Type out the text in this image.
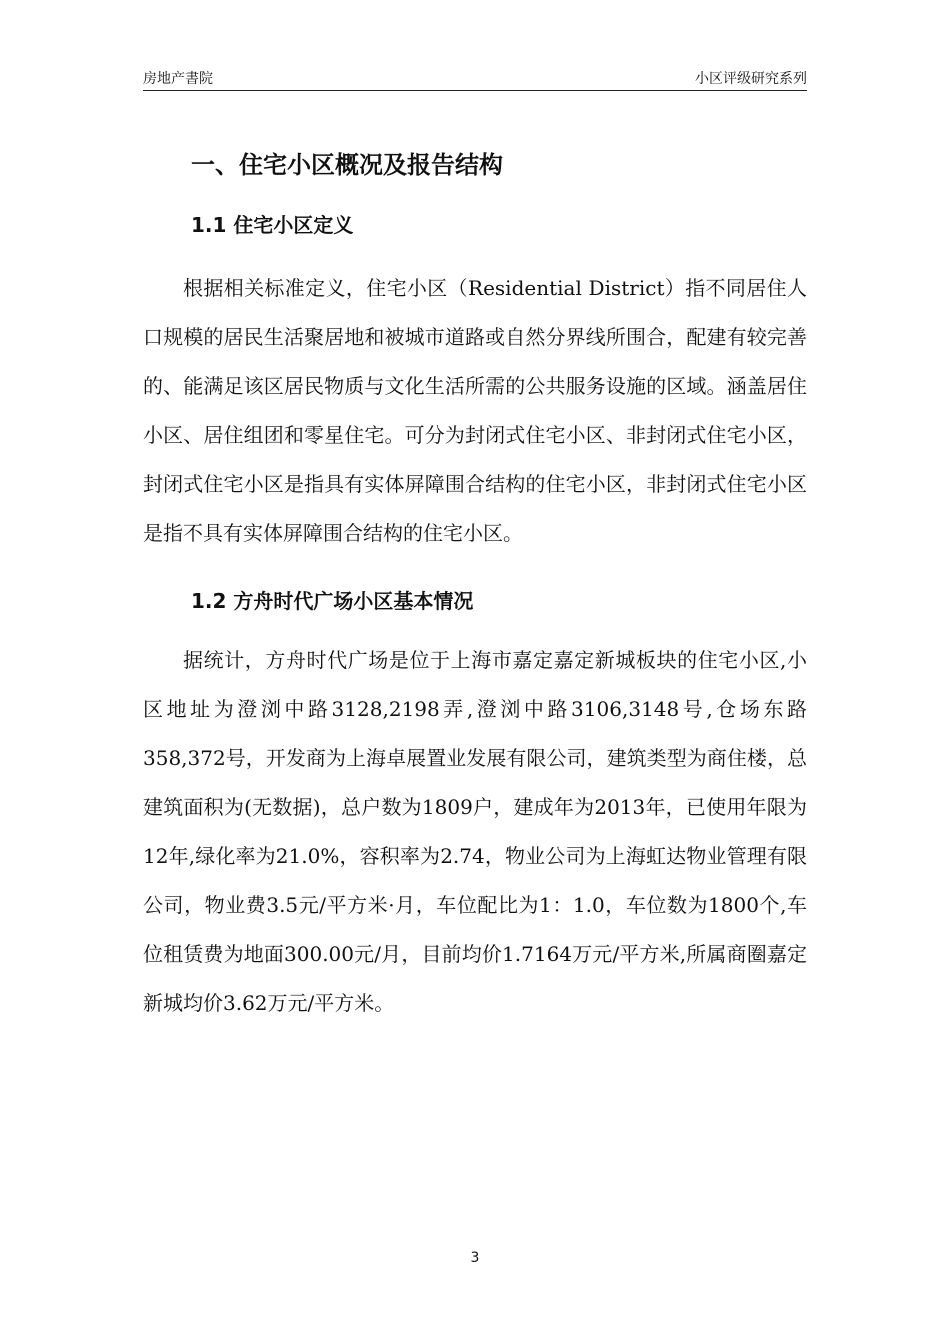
房地产書院	小区评级研究系列
一、住宅小区概况及报告结构
1.1 住宅小区定义

根据相关标准定义，住宅小区（Residential District）指不同居住人口规模的居民生活聚居地和被城市道路或自然分界线所围合，配建有较完善的、能满足该区居民物质与文化生活所需的公共服务设施的区域。涵盖居住小区、居住组团和零星住宅。可分为封闭式住宅小区、非封闭式住宅小区，封闭式住宅小区是指具有实体屏障围合结构的住宅小区，非封闭式住宅小区是指不具有实体屏障围合结构的住宅小区。

1.2 方舟时代广场小区基本情况

据统计，方舟时代广场是位于上海市嘉定嘉定新城板块的住宅小区,小区地址为澄浏中路3128,2198弄,澄浏中路3106,3148号,仓场东路358,372号，开发商为上海卓展置业发展有限公司，建筑类型为商住楼，总建筑面积为(无数据)，总户数为1809户，建成年为2013年，已使用年限为12年,绿化率为21.0%，容积率为2.74，物业公司为上海虹达物业管理有限公司，物业费3.5元/平方米·月，车位配比为1：1.0，车位数为1800个,车位租赁费为地面300.00元/月，目前均价1.7164万元/平方米,所属商圈嘉定新城均价3.62万元/平方米。

3
